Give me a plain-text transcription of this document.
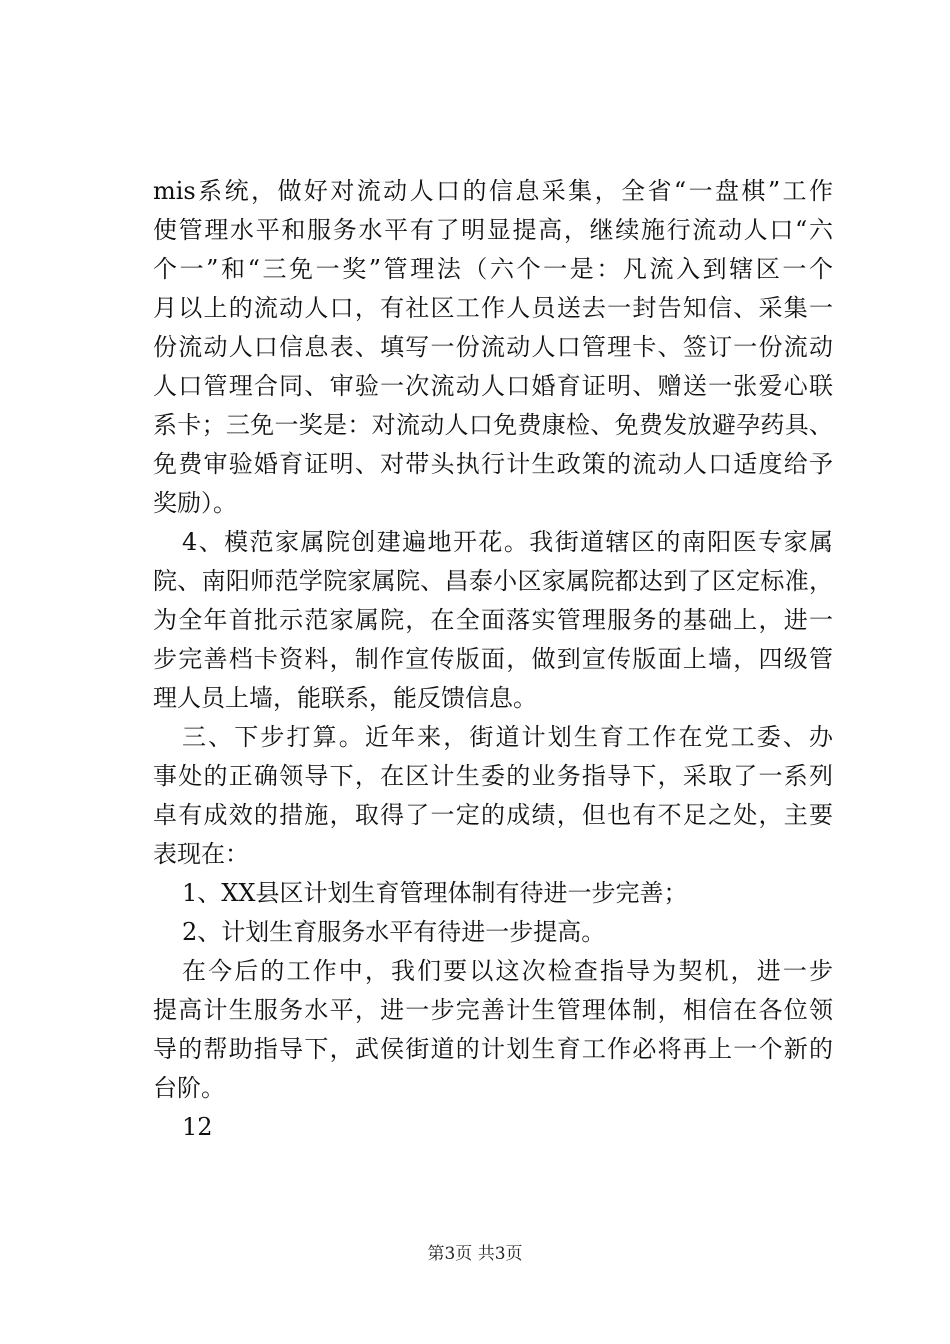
mis系统，做好对流动人口的信息采集，全省“一盘棋”工作
使管理水平和服务水平有了明显提高，继续施行流动人口“六
个一”和“三免一奖”管理法（六个一是：凡流入到辖区一个
月以上的流动人口，有社区工作人员送去一封告知信、采集一
份流动人口信息表、填写一份流动人口管理卡、签订一份流动
人口管理合同、审验一次流动人口婚育证明、赠送一张爱心联
系卡；三免一奖是：对流动人口免费康检、免费发放避孕药具、
免费审验婚育证明、对带头执行计生政策的流动人口适度给予
奖励）。
4、模范家属院创建遍地开花。我街道辖区的南阳医专家属
院、南阳师范学院家属院、昌泰小区家属院都达到了区定标准，
为全年首批示范家属院，在全面落实管理服务的基础上，进一
步完善档卡资料，制作宣传版面，做到宣传版面上墙，四级管
理人员上墙，能联系，能反馈信息。
三、下步打算。近年来，街道计划生育工作在党工委、办
事处的正确领导下，在区计生委的业务指导下，采取了一系列
卓有成效的措施，取得了一定的成绩，但也有不足之处，主要
表现在：
1、XX县区计划生育管理体制有待进一步完善；
2、计划生育服务水平有待进一步提高。
在今后的工作中，我们要以这次检查指导为契机，进一步
提高计生服务水平，进一步完善计生管理体制，相信在各位领
导的帮助指导下，武侯街道的计划生育工作必将再上一个新的
台阶。
12
第3页 共3页
